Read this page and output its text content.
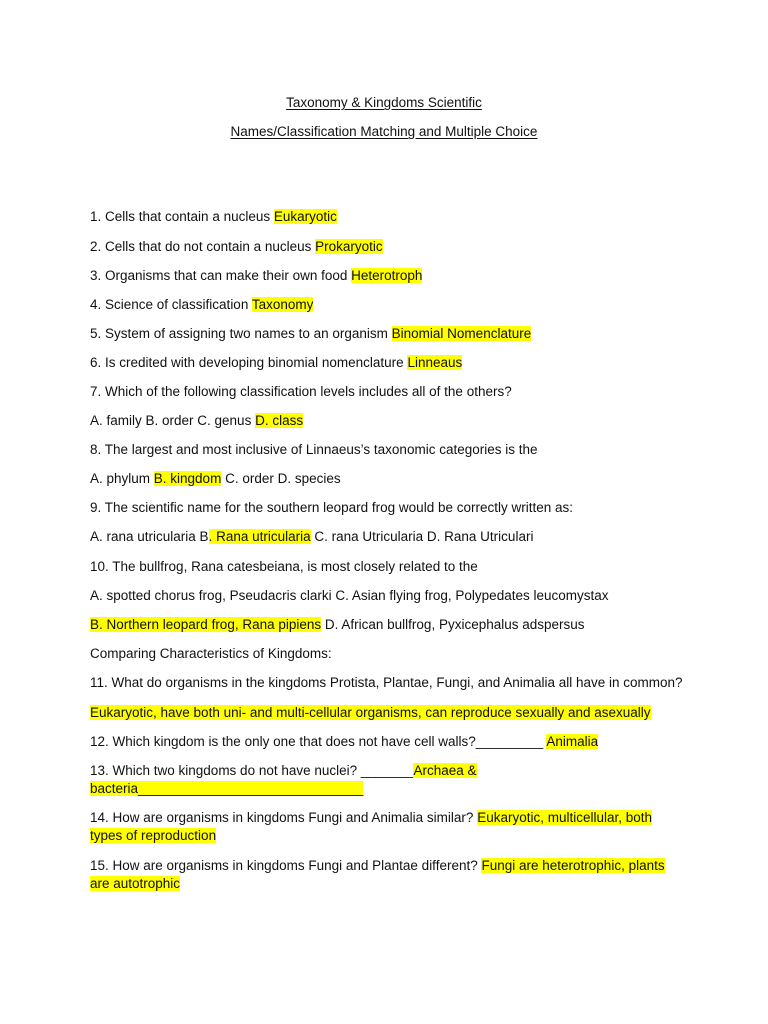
Taxonomy & Kingdoms Scientific
Names/Classification Matching and Multiple Choice
1. Cells that contain a nucleus Eukaryotic
2. Cells that do not contain a nucleus Prokaryotic
3. Organisms that can make their own food Heterotroph
4. Science of classification Taxonomy
5. System of assigning two names to an organism Binomial Nomenclature
6. Is credited with developing binomial nomenclature Linneaus
7. Which of the following classification levels includes all of the others?
A. family B. order C. genus D. class
8. The largest and most inclusive of Linnaeus’s taxonomic categories is the
A. phylum B. kingdom C. order D. species
9. The scientific name for the southern leopard frog would be correctly written as:
A. rana utricularia B. Rana utricularia C. rana Utricularia D. Rana Utriculari
10. The bullfrog, Rana catesbeiana, is most closely related to the
A. spotted chorus frog, Pseudacris clarki C. Asian flying frog, Polypedates leucomystax
B. Northern leopard frog, Rana pipiens D. African bullfrog, Pyxicephalus adspersus
Comparing Characteristics of Kingdoms:
11. What do organisms in the kingdoms Protista, Plantae, Fungi, and Animalia all have in common?
Eukaryotic, have both uni- and multi-cellular organisms, can reproduce sexually and asexually
12. Which kingdom is the only one that does not have cell walls?_________ Animalia
13. Which two kingdoms do not have nuclei? _______Archaea &
bacteria______________________________
14. How are organisms in kingdoms Fungi and Animalia similar? Eukaryotic, multicellular, both types of reproduction
15. How are organisms in kingdoms Fungi and Plantae different? Fungi are heterotrophic, plants are autotrophic
